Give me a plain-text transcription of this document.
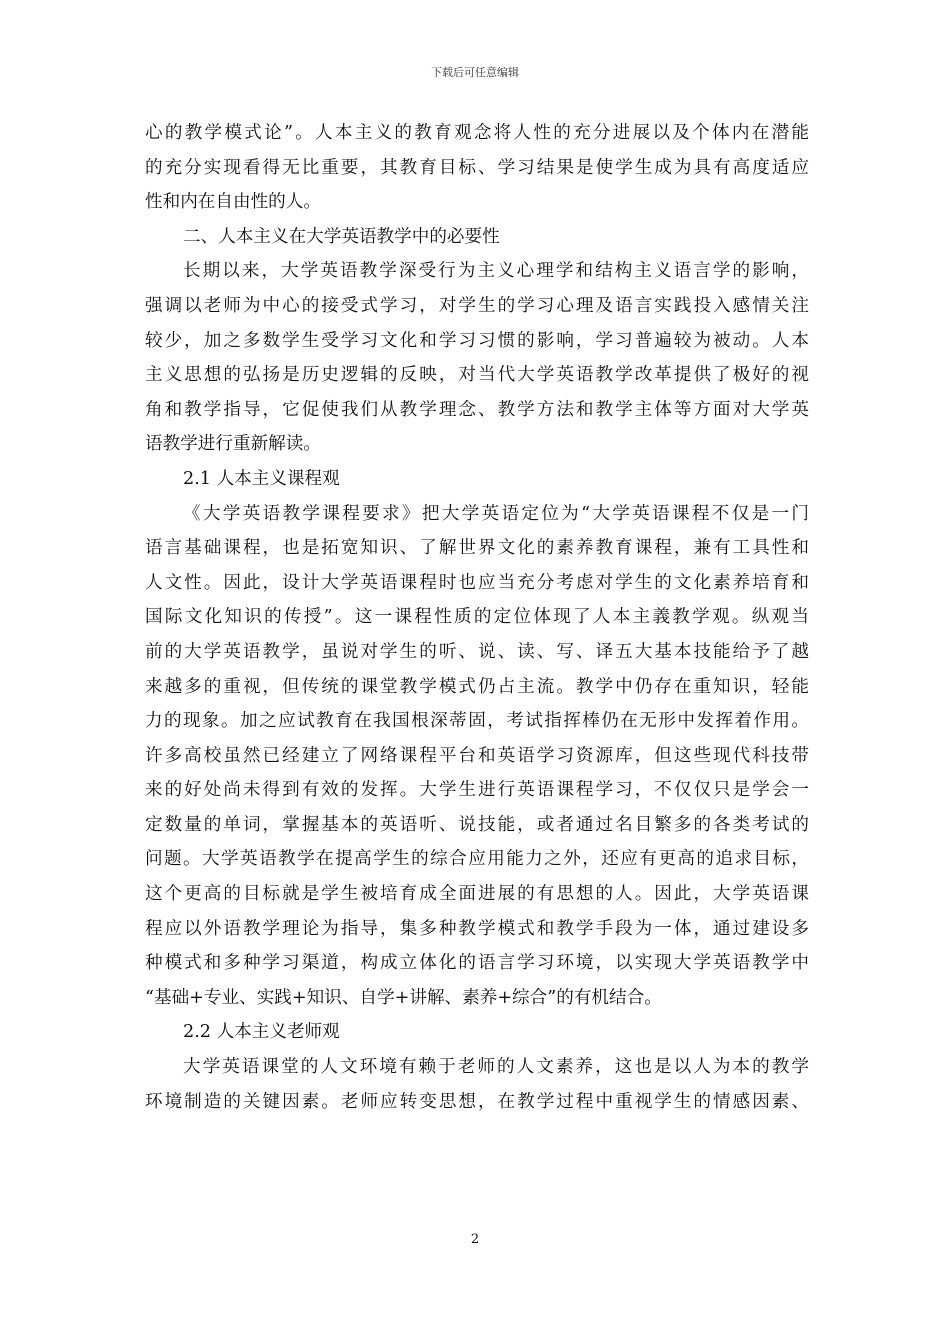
下载后可任意编辑
心的教学模式论”。人本主义的教育观念将人性的充分进展以及个体内在潜能
的充分实现看得无比重要，其教育目标、学习结果是使学生成为具有高度适应
性和内在自由性的人。
二、人本主义在大学英语教学中的必要性
长期以来，大学英语教学深受行为主义心理学和结构主义语言学的影响，
强调以老师为中心的接受式学习，对学生的学习心理及语言实践投入感情关注
较少，加之多数学生受学习文化和学习习惯的影响，学习普遍较为被动。人本
主义思想的弘扬是历史逻辑的反映，对当代大学英语教学改革提供了极好的视
角和教学指导，它促使我们从教学理念、教学方法和教学主体等方面对大学英
语教学进行重新解读。
2.1 人本主义课程观
《大学英语教学课程要求》把大学英语定位为“大学英语课程不仅是一门
语言基础课程，也是拓宽知识、了解世界文化的素养教育课程，兼有工具性和
人文性。因此，设计大学英语课程时也应当充分考虑对学生的文化素养培育和
国际文化知识的传授”。这一课程性质的定位体现了人本主義教学观。纵观当
前的大学英语教学，虽说对学生的听、说、读、写、译五大基本技能给予了越
来越多的重视，但传统的课堂教学模式仍占主流。教学中仍存在重知识，轻能
力的现象。加之应试教育在我国根深蒂固，考试指挥棒仍在无形中发挥着作用。
许多高校虽然已经建立了网络课程平台和英语学习资源库，但这些现代科技带
来的好处尚未得到有效的发挥。大学生进行英语课程学习，不仅仅只是学会一
定数量的单词，掌握基本的英语听、说技能，或者通过名目繁多的各类考试的
问题。大学英语教学在提高学生的综合应用能力之外，还应有更高的追求目标，
这个更高的目标就是学生被培育成全面进展的有思想的人。因此，大学英语课
程应以外语教学理论为指导，集多种教学模式和教学手段为一体，通过建设多
种模式和多种学习渠道，构成立体化的语言学习环境，以实现大学英语教学中
“基础+专业、实践+知识、自学+讲解、素养+综合”的有机结合。
2.2 人本主义老师观
大学英语课堂的人文环境有赖于老师的人文素养，这也是以人为本的教学
环境制造的关键因素。老师应转变思想，在教学过程中重视学生的情感因素、
2
